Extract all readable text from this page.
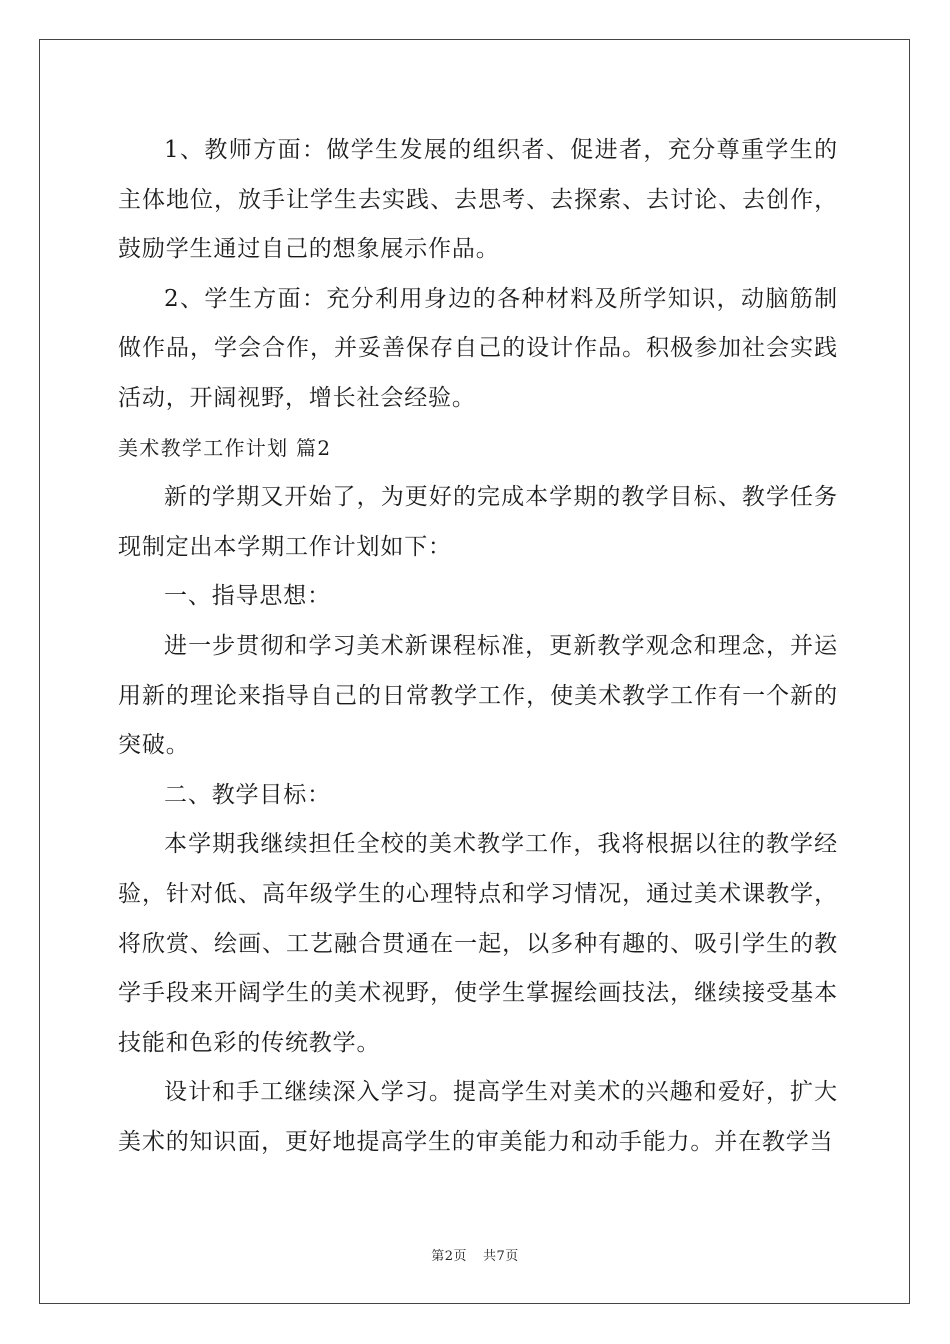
1、教师方面：做学生发展的组织者、促进者，充分尊重学生的主体地位，放手让学生去实践、去思考、去探索、去讨论、去创作，鼓励学生通过自己的想象展示作品。

2、学生方面：充分利用身边的各种材料及所学知识，动脑筋制做作品，学会合作，并妥善保存自己的设计作品。积极参加社会实践活动，开阔视野，增长社会经验。

美术教学工作计划 篇2

新的学期又开始了，为更好的完成本学期的教学目标、教学任务现制定出本学期工作计划如下：

一、指导思想：

进一步贯彻和学习美术新课程标准，更新教学观念和理念，并运用新的理论来指导自己的日常教学工作，使美术教学工作有一个新的突破。

二、教学目标：

本学期我继续担任全校的美术教学工作，我将根据以往的教学经验，针对低、高年级学生的心理特点和学习情况，通过美术课教学，将欣赏、绘画、工艺融合贯通在一起，以多种有趣的、吸引学生的教学手段来开阔学生的美术视野，使学生掌握绘画技法，继续接受基本技能和色彩的传统教学。

设计和手工继续深入学习。提高学生对美术的兴趣和爱好，扩大美术的知识面，更好地提高学生的审美能力和动手能力。并在教学当

第2页 共7页
